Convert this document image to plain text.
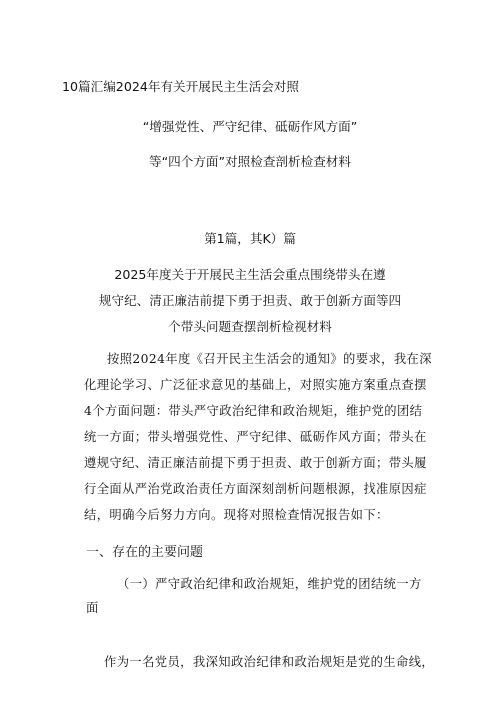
10篇汇编2024年有关开展民主生活会对照

“增强党性、严守纪律、砥砺作风方面”

等“四个方面”对照检查剖析检查材料

第1篇，其K）篇

2025年度关于开展民主生活会重点围绕带头在遵

规守纪、清正廉洁前提下勇于担责、敢于创新方面等四

个带头问题查摆剖析检视材料

按照2024年度《召开民主生活会的通知》的要求，我在深

化理论学习、广泛征求意见的基础上，对照实施方案重点查摆

4个方面问题：带头严守政治纪律和政治规矩，维护党的团结

统一方面；带头增强党性、严守纪律、砥砺作风方面；带头在

遵规守纪、清正廉洁前提下勇于担责、敢于创新方面；带头履

行全面从严治党政治责任方面深刻剖析问题根源，找准原因症

结，明确今后努力方向。现将对照检查情况报告如下：

一、存在的主要问题

（一）严守政治纪律和政治规矩，维护党的团结统一方

面

作为一名党员，我深知政治纪律和政治规矩是党的生命线，
